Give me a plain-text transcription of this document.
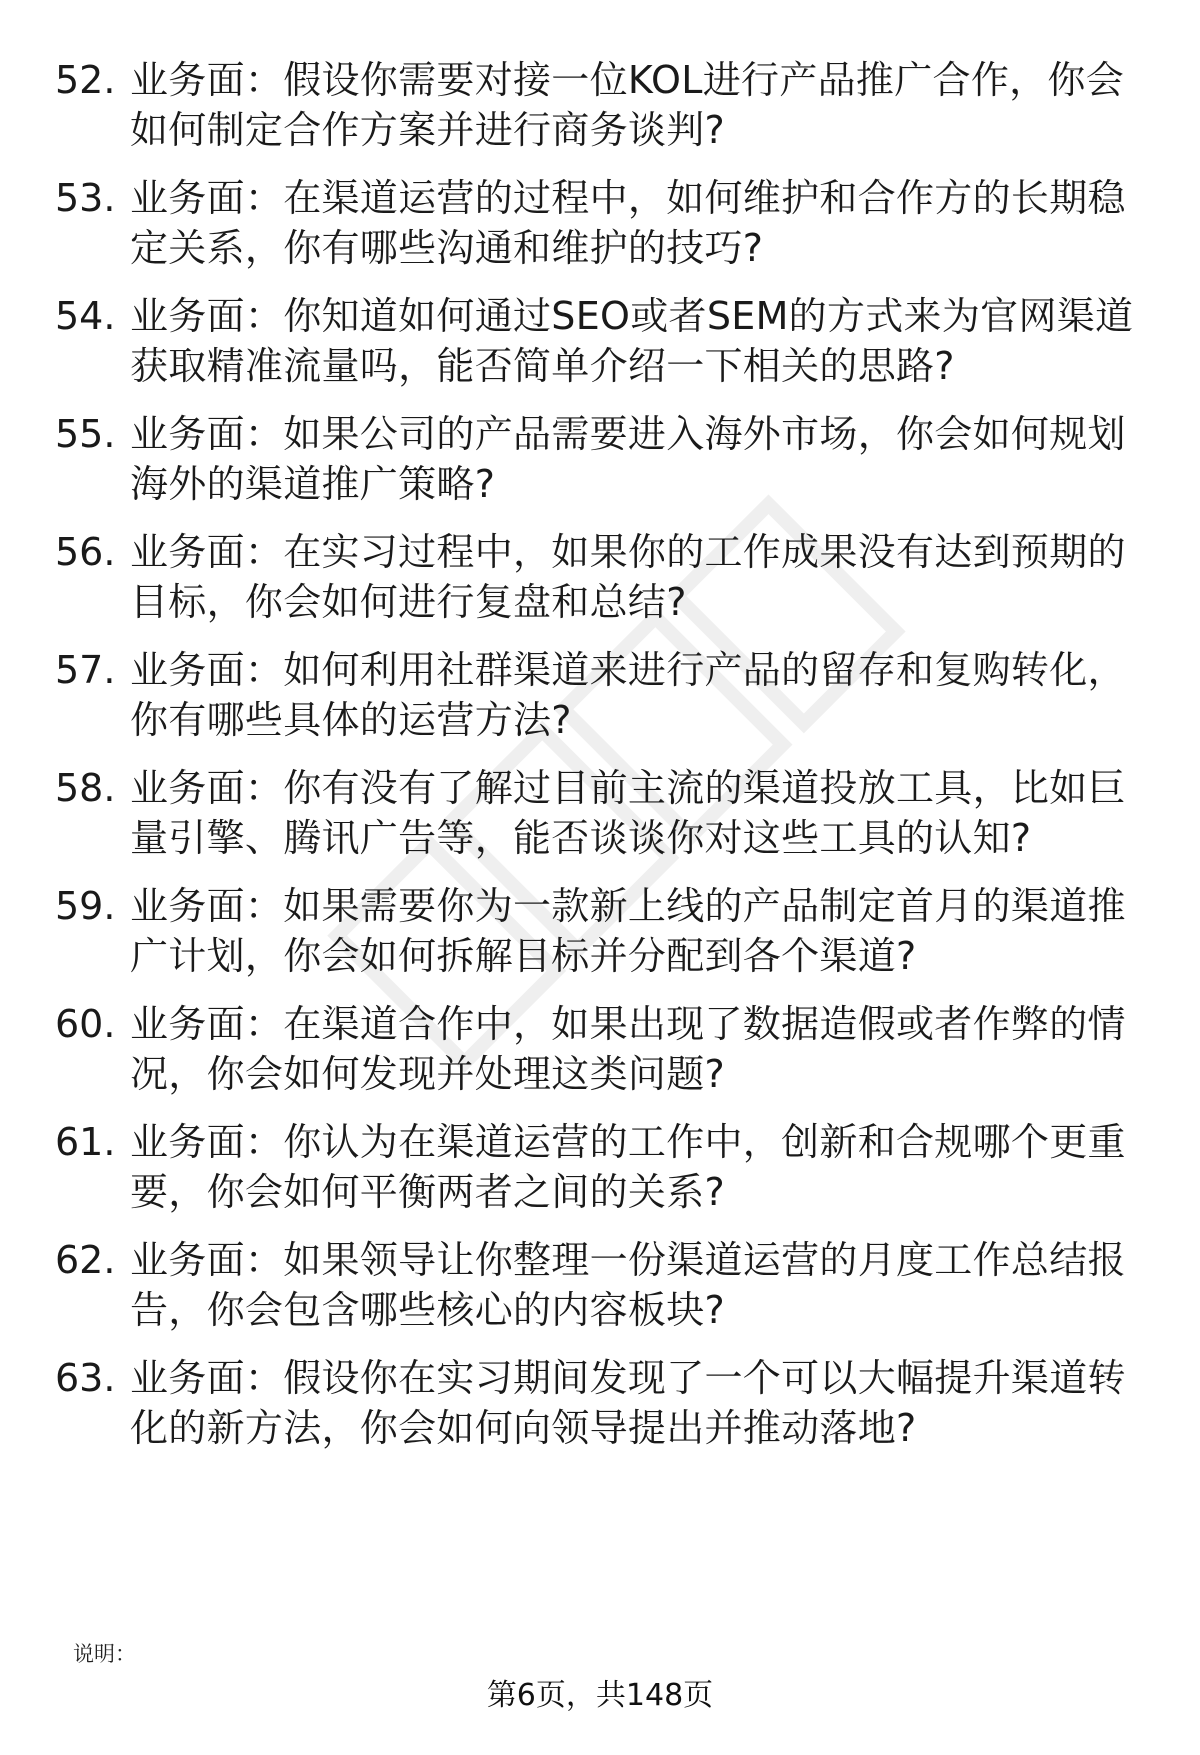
52. 业务面：假设你需要对接一位KOL进行产品推广合作，你会如何制定合作方案并进行商务谈判?
53. 业务面：在渠道运营的过程中，如何维护和合作方的长期稳定关系，你有哪些沟通和维护的技巧?
54. 业务面：你知道如何通过SEO或者SEM的方式来为官网渠道获取精准流量吗，能否简单介绍一下相关的思路?
55. 业务面：如果公司的产品需要进入海外市场，你会如何规划海外的渠道推广策略?
56. 业务面：在实习过程中，如果你的工作成果没有达到预期的目标，你会如何进行复盘和总结?
57. 业务面：如何利用社群渠道来进行产品的留存和复购转化，你有哪些具体的运营方法?
58. 业务面：你有没有了解过目前主流的渠道投放工具，比如巨量引擎、腾讯广告等，能否谈谈你对这些工具的认知?
59. 业务面：如果需要你为一款新上线的产品制定首月的渠道推广计划，你会如何拆解目标并分配到各个渠道?
60. 业务面：在渠道合作中，如果出现了数据造假或者作弊的情况，你会如何发现并处理这类问题?
61. 业务面：你认为在渠道运营的工作中，创新和合规哪个更重要，你会如何平衡两者之间的关系?
62. 业务面：如果领导让你整理一份渠道运营的月度工作总结报告，你会包含哪些核心的内容板块?
63. 业务面：假设你在实习期间发现了一个可以大幅提升渠道转化的新方法，你会如何向领导提出并推动落地?
说明：
第6页，共148页
